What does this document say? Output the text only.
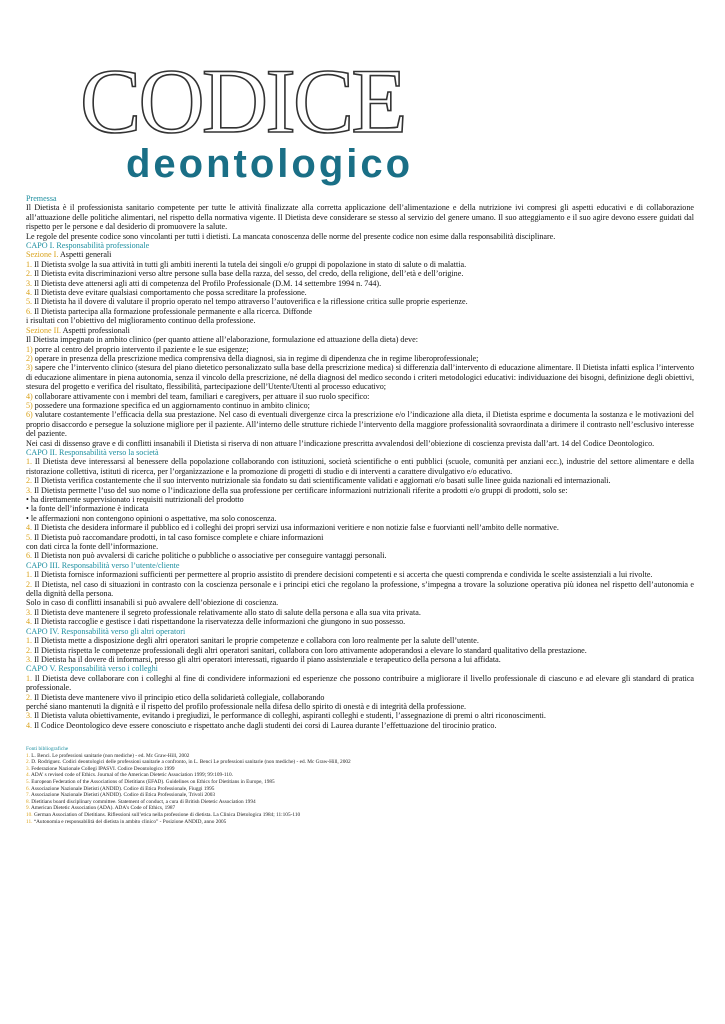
CODICE
deontologico
Premessa
Il Dietista è il professionista sanitario competente per tutte le attività finalizzate alla corretta applicazione dell’alimentazione e della nutrizione ivi compresi gli aspetti educativi e di collaborazione all’attuazione delle politiche alimentari, nel rispetto della normativa vigente. Il Dietista deve considerare se stesso al servizio del genere umano. Il suo atteggiamento e il suo agire devono essere guidati dal rispetto per le persone e dal desiderio di promuovere la salute.
Le regole del presente codice sono vincolanti per tutti i dietisti. La mancata conoscenza delle norme del presente codice non esime dalla responsabilità disciplinare.
CAPO I. Responsabilità professionale
Sezione I. Aspetti generali
1. Il Dietista svolge la sua attività in tutti gli ambiti inerenti la tutela dei singoli e/o gruppi di popolazione in stato di salute o di malattia.
2. Il Dietista evita discriminazioni verso altre persone sulla base della razza, del sesso, del credo, della religione, dell’età e dell’origine.
3. Il Dietista deve attenersi agli atti di competenza del Profilo Professionale (D.M. 14 settembre 1994 n. 744).
4. Il Dietista deve evitare qualsiasi comportamento che possa screditare la professione.
5. Il Dietista ha il dovere di valutare il proprio operato nel tempo attraverso l’autoverifica e la riflessione critica sulle proprie esperienze.
6. Il Dietista partecipa alla formazione professionale permanente e alla ricerca. Diffonde
i risultati con l’obiettivo del miglioramento continuo della professione.
Sezione II. Aspetti professionali
Il Dietista impegnato in ambito clinico (per quanto attiene all’elaborazione, formulazione ed attuazione della dieta) deve:
1) porre al centro del proprio intervento il paziente e le sue esigenze;
2) operare in presenza della prescrizione medica comprensiva della diagnosi, sia in regime di dipendenza che in regime liberoprofessionale;
3) sapere che l’intervento clinico (stesura del piano dietetico personalizzato sulla base della prescrizione medica) si differenzia dall’intervento di educazione alimentare. Il Dietista infatti esplica l’intervento di educazione alimentare in piena autonomia, senza il vincolo della prescrizione, né della diagnosi del medico secondo i criteri metodologici educativi: individuazione dei bisogni, definizione degli obiettivi, stesura del progetto e verifica del risultato, flessibilità, partecipazione dell’Utente/Utenti al processo educativo;
4) collaborare attivamente con i membri del team, familiari e caregivers, per attuare il suo ruolo specifico:
5) possedere una formazione specifica ed un aggiornamento continuo in ambito clinico;
6) valutare costantemente l’efficacia della sua prestazione. Nel caso di eventuali divergenze circa la prescrizione e/o l’indicazione alla dieta, il Dietista esprime e documenta la sostanza e le motivazioni del proprio disaccordo e persegue la soluzione migliore per il paziente. All’interno delle strutture richiede l’intervento della maggiore professionalità sovraordinata a dirimere il contrasto nell’esclusivo interesse del paziente.
Nei casi di dissenso grave e di conflitti insanabili il Dietista si riserva di non attuare l’indicazione prescritta avvalendosi dell’obiezione di coscienza prevista dall’art. 14 del Codice Deontologico.
CAPO II. Responsabilità verso la società
1. Il Dietista deve interessarsi al benessere della popolazione collaborando con istituzioni, società scientifiche o enti pubblici (scuole, comunità per anziani ecc.), industrie del settore alimentare e della ristorazione collettiva, istituti di ricerca, per l’organizzazione e la promozione di progetti di studio e di interventi a carattere divulgativo e/o educativo.
2. Il Dietista verifica costantemente che il suo intervento nutrizionale sia fondato su dati scientificamente validati e aggiornati e/o basati sulle linee guida nazionali ed internazionali.
3. Il Dietista permette l’uso del suo nome o l’indicazione della sua professione per certificare informazioni nutrizionali riferite a prodotti e/o gruppi di prodotti, solo se:
• ha direttamente supervisionato i requisiti nutrizionali del prodotto
• la fonte dell’informazione è indicata
• le affermazioni non contengono opinioni o aspettative, ma solo conoscenza.
4. Il Dietista che desidera informare il pubblico ed i colleghi dei propri servizi usa informazioni veritiere e non notizie false e fuorvianti nell’ambito delle normative.
5. Il Dietista può raccomandare prodotti, in tal caso fornisce complete e chiare informazioni
con dati circa la fonte dell’informazione.
6. Il Dietista non può avvalersi di cariche politiche o pubbliche o associative per conseguire vantaggi personali.
CAPO III. Responsabilità verso l’utente/cliente
1. Il Dietista fornisce informazioni sufficienti per permettere al proprio assistito di prendere decisioni competenti e si accerta che questi comprenda e condivida le scelte assistenziali a lui rivolte.
2. Il Dietista, nel caso di situazioni in contrasto con la coscienza personale e i principi etici che regolano la professione, s’impegna a trovare la soluzione operativa più idonea nel rispetto dell’autonomia e della dignità della persona.
Solo in caso di conflitti insanabili si può avvalere dell’obiezione di coscienza.
3. Il Dietista deve mantenere il segreto professionale relativamente allo stato di salute della persona e alla sua vita privata.
4. Il Dietista raccoglie e gestisce i dati rispettandone la riservatezza delle informazioni che giungono in suo possesso.
CAPO IV. Responsabilità verso gli altri operatori
1. Il Dietista mette a disposizione degli altri operatori sanitari le proprie competenze e collabora con loro realmente per la salute dell’utente.
2. Il Dietista rispetta le competenze professionali degli altri operatori sanitari, collabora con loro attivamente adoperandosi a elevare lo standard qualitativo della prestazione.
3. Il Dietista ha il dovere di informarsi, presso gli altri operatori interessati, riguardo il piano assistenziale e terapeutico della persona a lui affidata.
CAPO V. Responsabilità verso i colleghi
1. Il Dietista deve collaborare con i colleghi al fine di condividere informazioni ed esperienze che possono contribuire a migliorare il livello professionale di ciascuno e ad elevare gli standard di pratica professionale.
2. Il Dietista deve mantenere vivo il principio etico della solidarietà collegiale, collaborando
perché siano mantenuti la dignità e il rispetto del profilo professionale nella difesa dello spirito di onestà e di integrità della professione.
3. Il Dietista valuta obiettivamente, evitando i pregiudizi, le performance di colleghi, aspiranti colleghi e studenti, l’assegnazione di premi o altri riconoscimenti.
4. Il Codice Deontologico deve essere conosciuto e rispettato anche dagli studenti dei corsi di Laurea durante l’effettuazione del tirocinio pratico.
Fonti bibliografiche
1. L. Benci. Le professioni sanitarie (non mediche) - ed. Mc Graw-Hill, 2002
2. D. Rodriguez. Codici deontologici delle professioni sanitarie a confronto, in L. Benci Le professioni sanitarie (non mediche) - ed. Mc Graw-Hill, 2002
3. Federazione Nazionale Collegi IPASVI. Codice Deontologico 1999
4. ADA’ s revised code of Ethics. Journal of the American Dietetic Association 1999; 99:109-110.
5. European Federation of the Associations of Dietitians (EFAD). Guidelines on Ethics for Dietitians in Europe, 1985
6. Associazione Nazionale Dietisti (ANDID). Codice di Etica Professionale, Fiuggi 1995
7. Associazione Nazionale Dietisti (ANDID). Codice di Etica Professionale, Trivoli 2003
8. Dietitians board disciplinary committee. Statement of conduct, a cura di British Dietetic Association 1994
9. American Dietetic Association (ADA). ADA’s Code of Ethics, 1987
10. German Association of Dietitians. Riflessioni sull’etica nella professione di dietista. La Clinica Dietologica 1984; 11:105-110
11. “Autonomia e responsabilità del dietista in ambito clinico” - Posizione ANDID, anno 2005
